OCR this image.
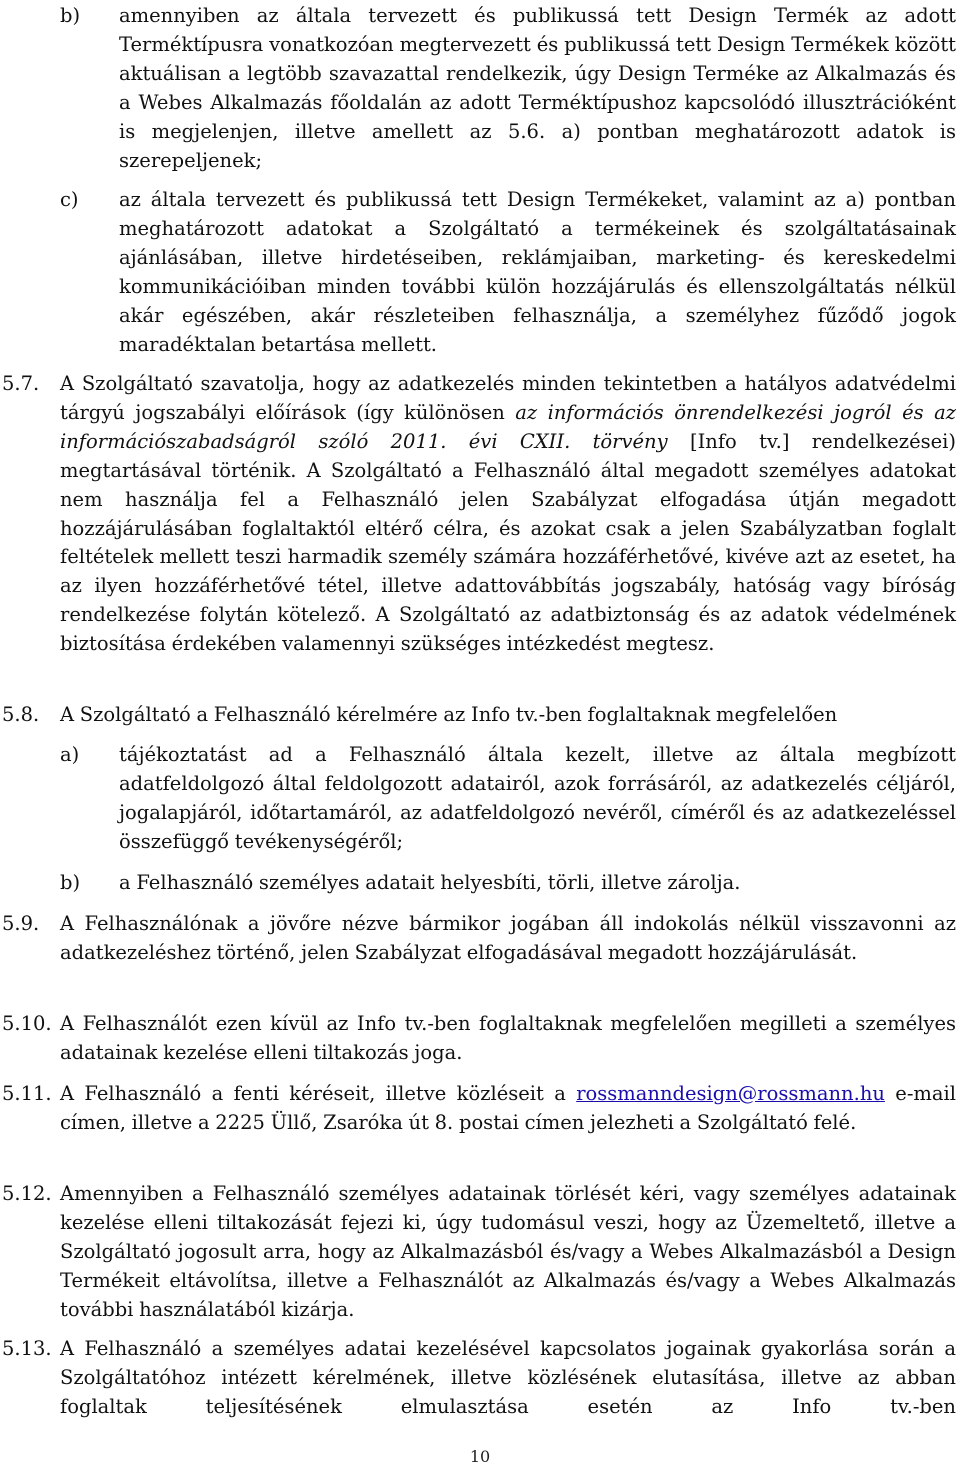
b) amennyiben az általa tervezett és publikussá tett Design Termék az adott Terméktípusra vonatkozóan megtervezett és publikussá tett Design Termékek között aktuálisan a legtöbb szavazattal rendelkezik, úgy Design Terméke az Alkalmazás és a Webes Alkalmazás főoldalán az adott Terméktípushoz kapcsolódó illusztrációként is megjelenjen, illetve amellett az 5.6. a) pontban meghatározott adatok is szerepeljenek;
c) az általa tervezett és publikussá tett Design Termékeket, valamint az a) pontban meghatározott adatokat a Szolgáltató a termékeinek és szolgáltatásainak ajánlásában, illetve hirdetéseiben, reklámjaiban, marketing- és kereskedelmi kommunikációiban minden további külön hozzájárulás és ellenszolgáltatás nélkül akár egészében, akár részleteiben felhasználja, a személyhez fűződő jogok maradéktalan betartása mellett.
5.7. A Szolgáltató szavatolja, hogy az adatkezelés minden tekintetben a hatályos adatvédelmi tárgyú jogszabályi előírások (így különösen az információs önrendelkezési jogról és az információszabadságról szóló 2011. évi CXII. törvény [Info tv.] rendelkezései) megtartásával történik. A Szolgáltató a Felhasználó által megadott személyes adatokat nem használja fel a Felhasználó jelen Szabályzat elfogadása útján megadott hozzájárulásában foglaltaktól eltérő célra, és azokat csak a jelen Szabályzatban foglalt feltételek mellett teszi harmadik személy számára hozzáférhetővé, kivéve azt az esetet, ha az ilyen hozzáférhetővé tétel, illetve adattovábbítás jogszabály, hatóság vagy bíróság rendelkezése folytán kötelező. A Szolgáltató az adatbiztonság és az adatok védelmének biztosítása érdekében valamennyi szükséges intézkedést megtesz.
5.8. A Szolgáltató a Felhasználó kérelmére az Info tv.-ben foglaltaknak megfelelően
a) tájékoztatást ad a Felhasználó általa kezelt, illetve az általa megbízott adatfeldolgozó által feldolgozott adatairól, azok forrásáról, az adatkezelés céljáról, jogalapjáról, időtartamáról, az adatfeldolgozó nevéről, címéről és az adatkezeléssel összefüggő tevékenységéről;
b) a Felhasználó személyes adatait helyesbíti, törli, illetve zárolja.
5.9. A Felhasználónak a jövőre nézve bármikor jogában áll indokolás nélkül visszavonni az adatkezeléshez történő, jelen Szabályzat elfogadásával megadott hozzájárulását.
5.10. A Felhasználót ezen kívül az Info tv.-ben foglaltaknak megfelelően megilleti a személyes adatainak kezelése elleni tiltakozás joga.
5.11. A Felhasználó a fenti kéréseit, illetve közléseit a rossmanndesign@rossmann.hu e-mail címen, illetve a 2225 Üllő, Zsaróka út 8. postai címen jelezheti a Szolgáltató felé.
5.12. Amennyiben a Felhasználó személyes adatainak törlését kéri, vagy személyes adatainak kezelése elleni tiltakozását fejezi ki, úgy tudomásul veszi, hogy az Üzemeltető, illetve a Szolgáltató jogosult arra, hogy az Alkalmazásból és/vagy a Webes Alkalmazásból a Design Termékeit eltávolítsa, illetve a Felhasználót az Alkalmazás és/vagy a Webes Alkalmazás további használatából kizárja.
5.13. A Felhasználó a személyes adatai kezelésével kapcsolatos jogainak gyakorlása során a Szolgáltatóhoz intézett kérelmének, illetve közlésének elutasítása, illetve az abban foglaltak teljesítésének elmulasztása esetén az Info tv.-ben
10
